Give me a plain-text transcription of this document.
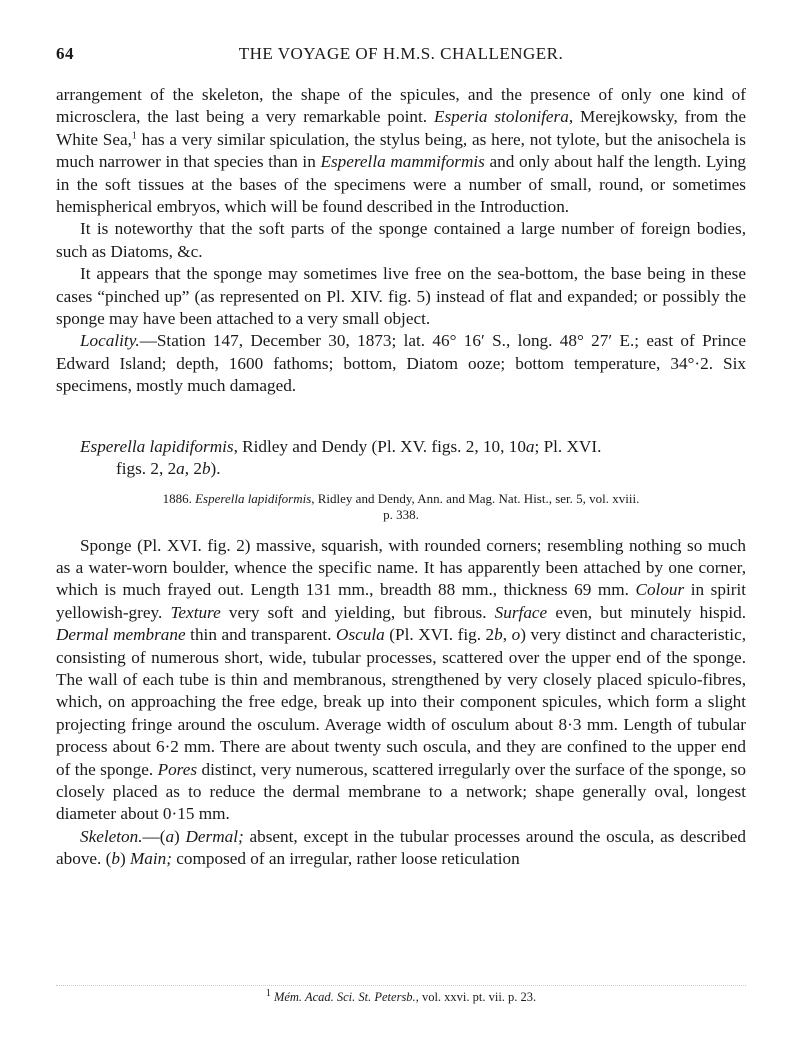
64	THE VOYAGE OF H.M.S. CHALLENGER.

arrangement of the skeleton, the shape of the spicules, and the presence of only one kind of microsclera, the last being a very remarkable point. Esperia stolonifera, Merejkowsky, from the White Sea,$^1$ has a very similar spiculation, the stylus being, as here, not tylote, but the anisochela is much narrower in that species than in Esperella mammiformis and only about half the length. Lying in the soft tissues at the bases of the specimens were a number of small, round, or sometimes hemispherical embryos, which will be found described in the Introduction.

It is noteworthy that the soft parts of the sponge contained a large number of foreign bodies, such as Diatoms, &c.

It appears that the sponge may sometimes live free on the sea-bottom, the base being in these cases “pinched up” (as represented on Pl. XIV. fig. 5) instead of flat and expanded; or possibly the sponge may have been attached to a very small object.

Locality.—Station 147, December 30, 1873; lat. 46° 16′ S., long. 48° 27′ E.; east of Prince Edward Island; depth, 1600 fathoms; bottom, Diatom ooze; bottom temperature, 34°·2. Six specimens, mostly much damaged.

Esperella lapidiformis, Ridley and Dendy (Pl. XV. figs. 2, 10, 10a; Pl. XVI.
figs. 2, 2a, 2b).
1886. Esperella lapidiformis, Ridley and Dendy, Ann. and Mag. Nat. Hist., ser. 5, vol. xviii.
p. 338.

Sponge (Pl. XVI. fig. 2) massive, squarish, with rounded corners; resembling nothing so much as a water-worn boulder, whence the specific name. It has apparently been attached by one corner, which is much frayed out. Length 131 mm., breadth 88 mm., thickness 69 mm. Colour in spirit yellowish-grey. Texture very soft and yielding, but fibrous. Surface even, but minutely hispid. Dermal membrane thin and transparent. Oscula (Pl. XVI. fig. 2b, o) very distinct and characteristic, consisting of numerous short, wide, tubular processes, scattered over the upper end of the sponge. The wall of each tube is thin and membranous, strengthened by very closely placed spiculo-fibres, which, on approaching the free edge, break up into their component spicules, which form a slight projecting fringe around the osculum. Average width of osculum about 8·3 mm. Length of tubular process about 6·2 mm. There are about twenty such oscula, and they are confined to the upper end of the sponge. Pores distinct, very numerous, scattered irregularly over the surface of the sponge, so closely placed as to reduce the dermal membrane to a network; shape generally oval, longest diameter about 0·15 mm.

Skeleton.—(a) Dermal; absent, except in the tubular processes around the oscula, as described above. (b) Main; composed of an irregular, rather loose reticulation

$^1$ Mém. Acad. Sci. St. Petersb., vol. xxvi. pt. vii. p. 23.
